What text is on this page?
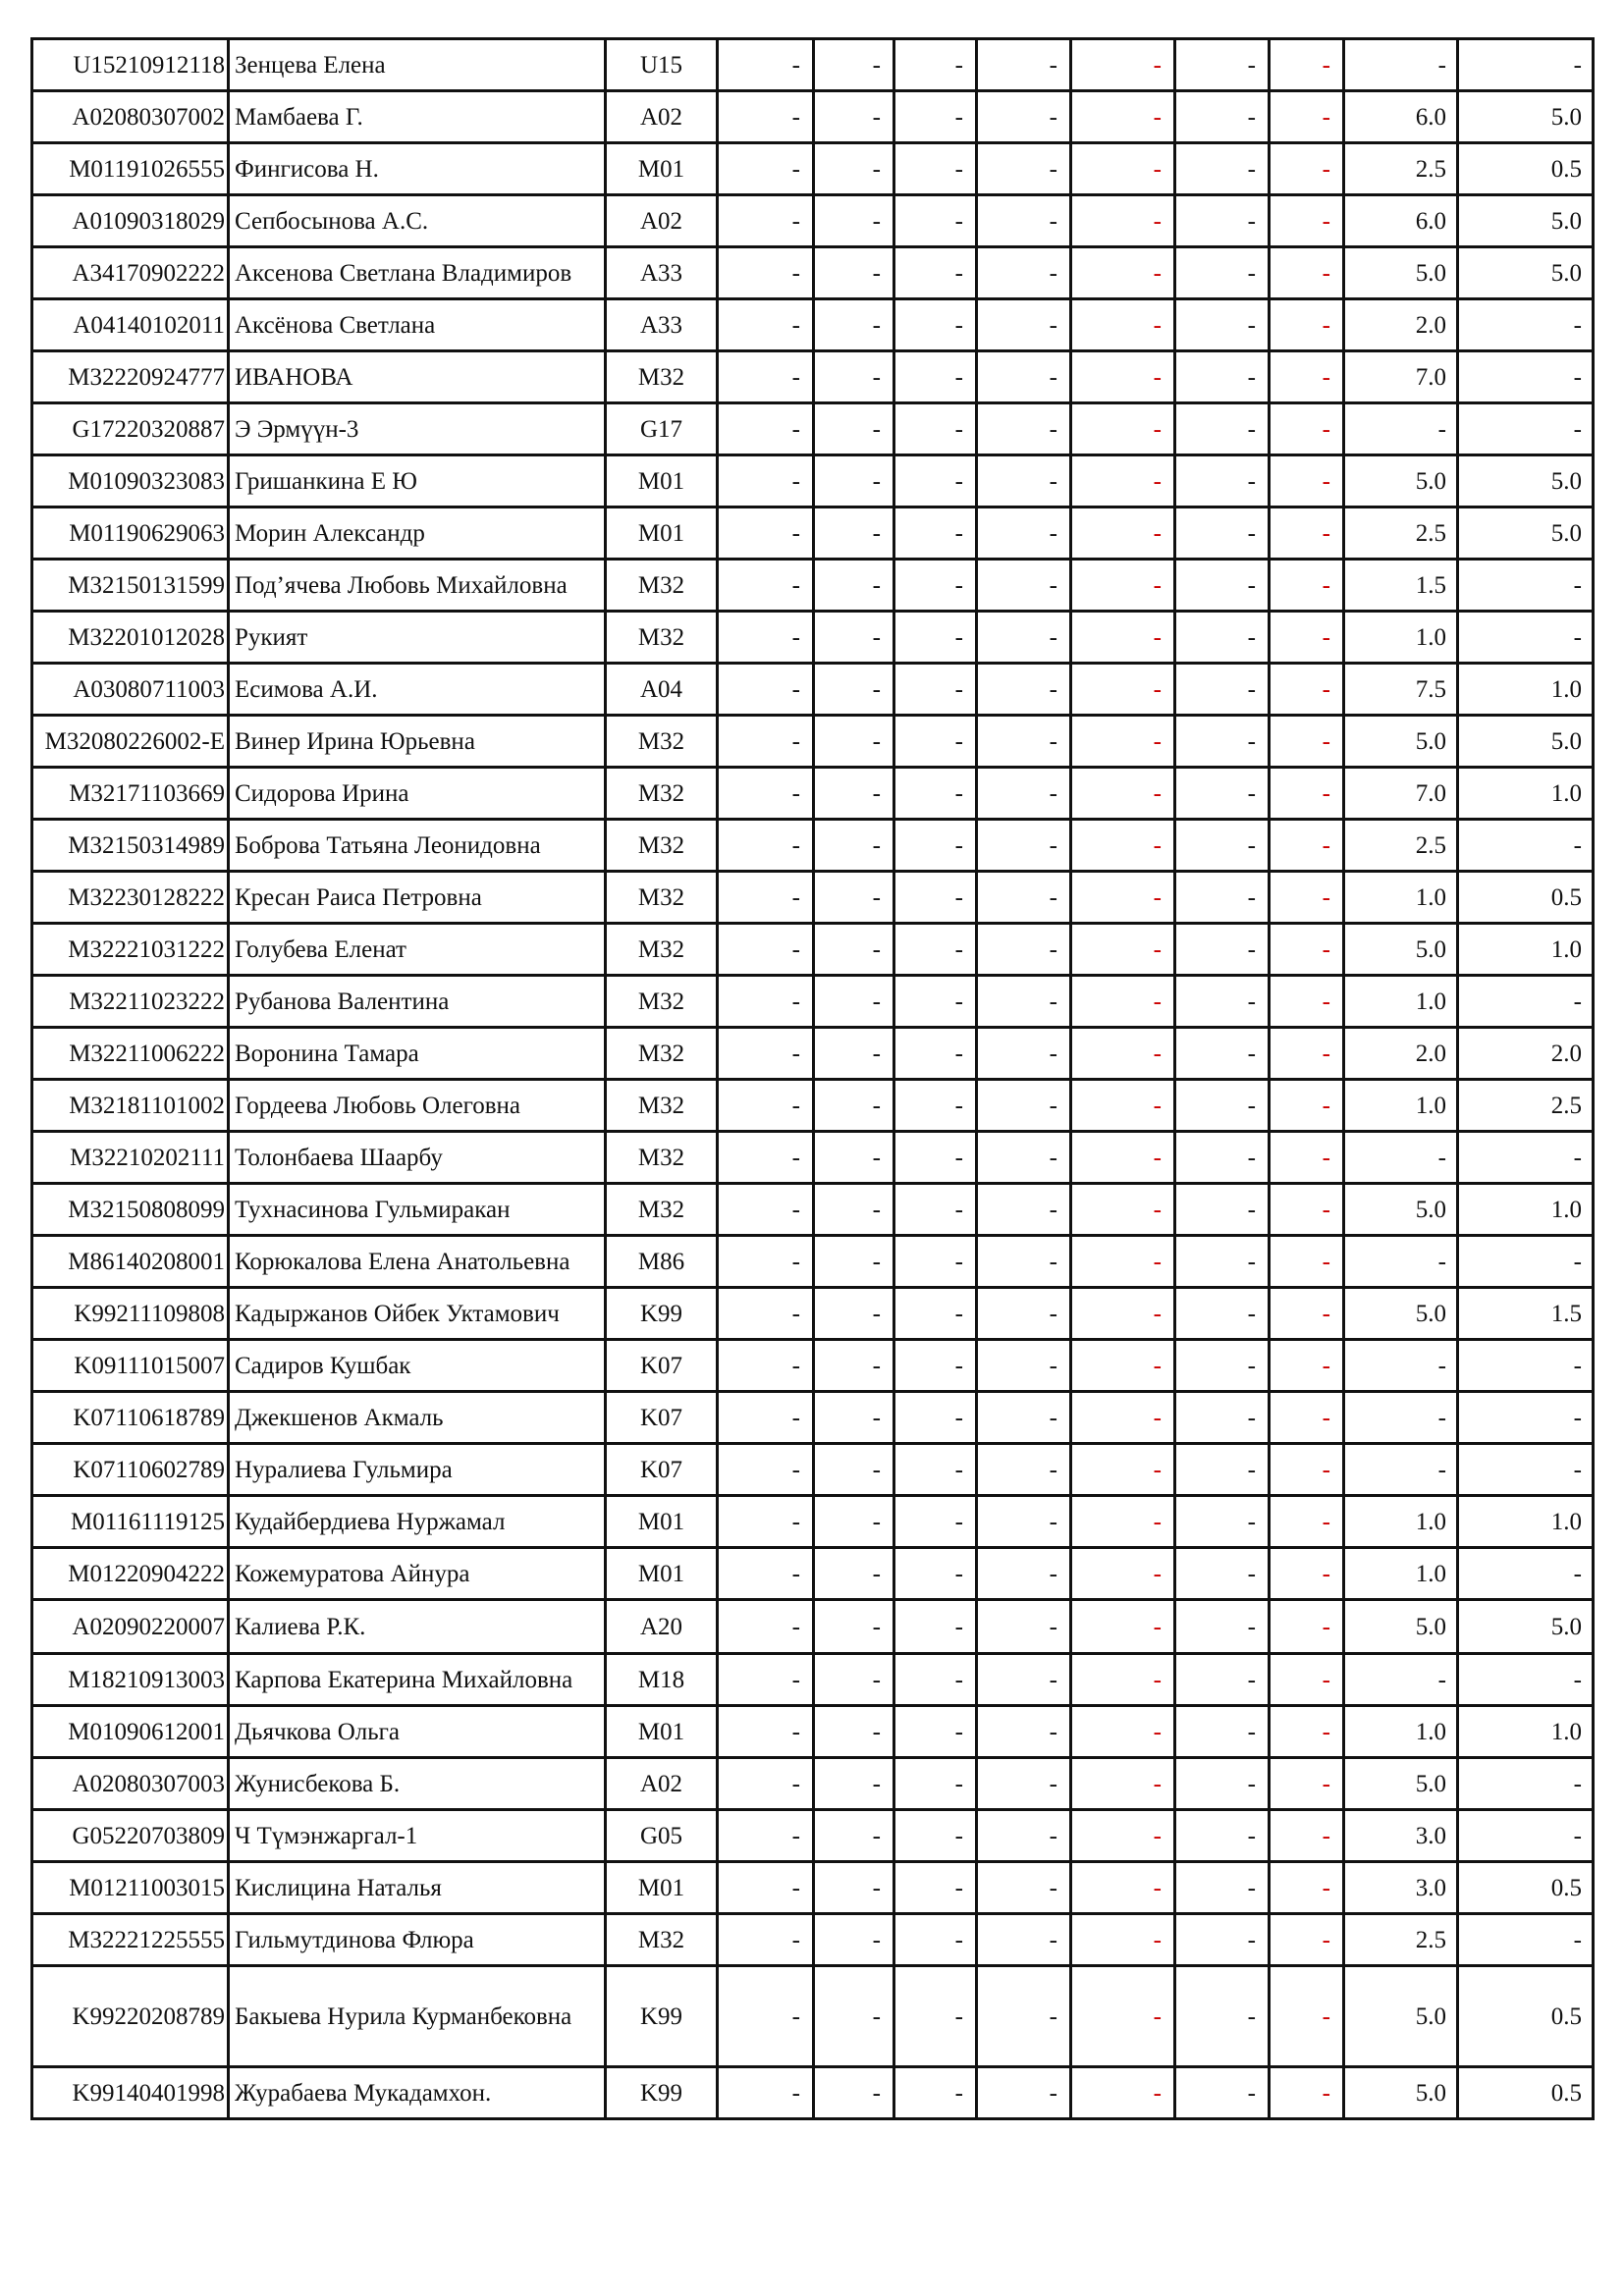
U15210912118	Зенцева Елена	U15	-	-	-	-	-	-	-	-	-
A02080307002	Мамбаева Г.	A02	-	-	-	-	-	-	-	6.0	5.0
M01191026555	Фингисова Н.	M01	-	-	-	-	-	-	-	2.5	0.5
A01090318029	Сепбосынова А.С.	A02	-	-	-	-	-	-	-	6.0	5.0
A34170902222	Аксенова Светлана Владимиров	A33	-	-	-	-	-	-	-	5.0	5.0
A04140102011	Аксёнова Светлана	A33	-	-	-	-	-	-	-	2.0	-
M32220924777	ИВАНОВА	M32	-	-	-	-	-	-	-	7.0	-
G17220320887	Э Эрмүүн-3	G17	-	-	-	-	-	-	-	-	-
M01090323083	Гришанкина Е Ю	M01	-	-	-	-	-	-	-	5.0	5.0
M01190629063	Морин Александр	M01	-	-	-	-	-	-	-	2.5	5.0
M32150131599	Под’ячева Любовь Михайловна	M32	-	-	-	-	-	-	-	1.5	-
M32201012028	Рукият	M32	-	-	-	-	-	-	-	1.0	-
A03080711003	Есимова А.И.	A04	-	-	-	-	-	-	-	7.5	1.0
M32080226002-E	Винер Ирина Юрьевна	M32	-	-	-	-	-	-	-	5.0	5.0
M32171103669	Сидорова Ирина	M32	-	-	-	-	-	-	-	7.0	1.0
M32150314989	Боброва Татьяна Леонидовна	M32	-	-	-	-	-	-	-	2.5	-
M32230128222	Кресан Раиса Петровна	M32	-	-	-	-	-	-	-	1.0	0.5
M32221031222	Голубева Еленат	M32	-	-	-	-	-	-	-	5.0	1.0
M32211023222	Рубанова Валентина	M32	-	-	-	-	-	-	-	1.0	-
M32211006222	Воронина Тамара	M32	-	-	-	-	-	-	-	2.0	2.0
M32181101002	Гордеева Любовь Олеговна	M32	-	-	-	-	-	-	-	1.0	2.5
M32210202111	Толонбаева Шаарбу	M32	-	-	-	-	-	-	-	-	-
M32150808099	Тухнасинова Гульмиракан	M32	-	-	-	-	-	-	-	5.0	1.0
M86140208001	Корюкалова Елена Анатольевна	M86	-	-	-	-	-	-	-	-	-
K99211109808	Кадыржанов Ойбек Уктамович	K99	-	-	-	-	-	-	-	5.0	1.5
K09111015007	Садиров Кушбак	K07	-	-	-	-	-	-	-	-	-
K07110618789	Джекшенов Акмаль	K07	-	-	-	-	-	-	-	-	-
K07110602789	Нуралиева Гульмира	K07	-	-	-	-	-	-	-	-	-
M01161119125	Кудайбердиева Нуржамал	M01	-	-	-	-	-	-	-	1.0	1.0
M01220904222	Кожемуратова Айнура	M01	-	-	-	-	-	-	-	1.0	-
A02090220007	Калиева Р.К.	A20	-	-	-	-	-	-	-	5.0	5.0
M18210913003	Карпова Екатерина Михайловна	M18	-	-	-	-	-	-	-	-	-
M01090612001	Дьячкова Ольга	M01	-	-	-	-	-	-	-	1.0	1.0
A02080307003	Жунисбекова Б.	A02	-	-	-	-	-	-	-	5.0	-
G05220703809	Ч Түмэнжаргал-1	G05	-	-	-	-	-	-	-	3.0	-
M01211003015	Кислицина Наталья	M01	-	-	-	-	-	-	-	3.0	0.5
M32221225555	Гильмутдинова Флюра	M32	-	-	-	-	-	-	-	2.5	-
K99220208789	Бакыева Нурила Курманбековна	K99	-	-	-	-	-	-	-	5.0	0.5
K99140401998	Журабаева Мукадамхон.	K99	-	-	-	-	-	-	-	5.0	0.5
